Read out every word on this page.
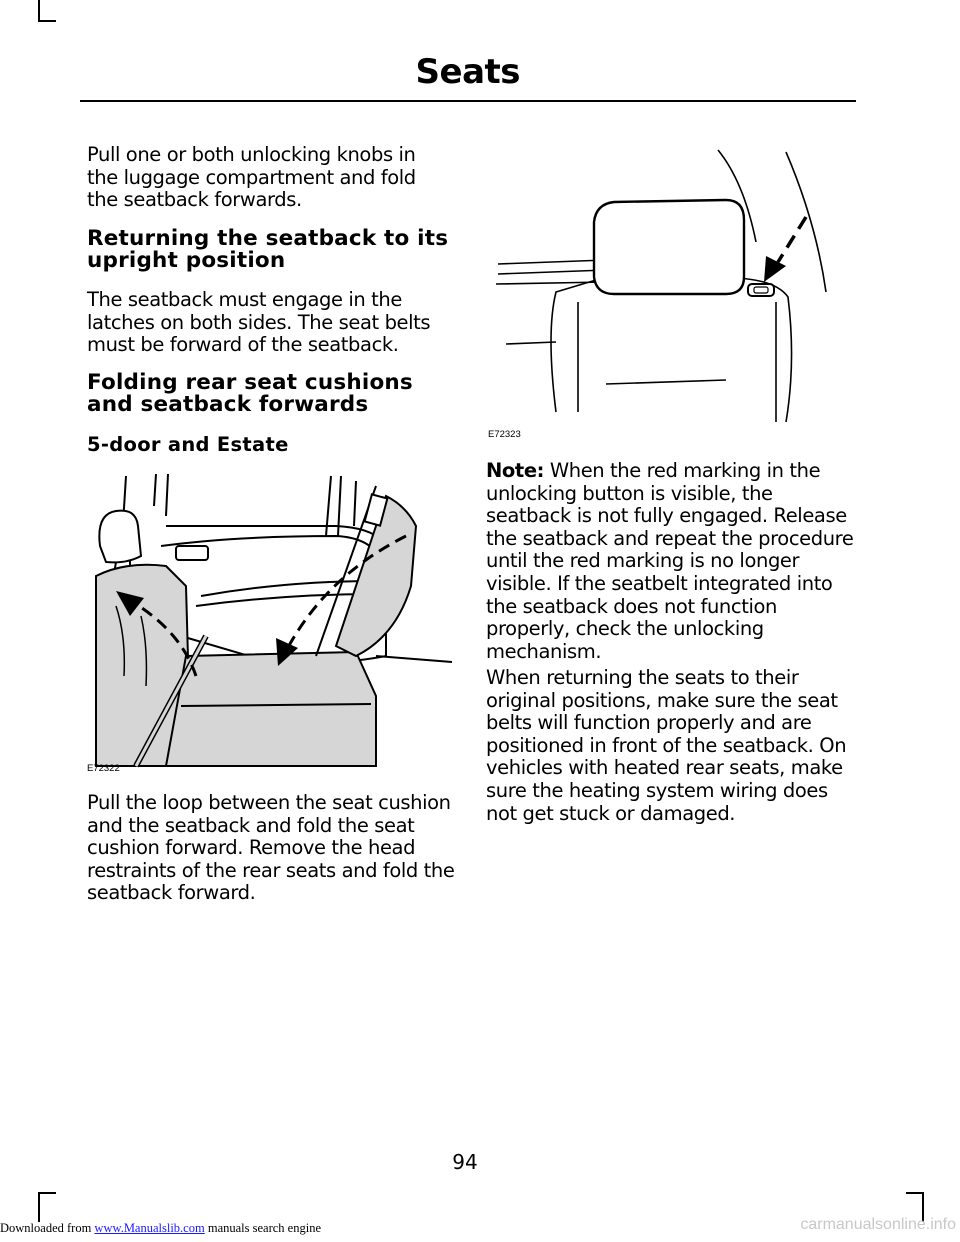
Seats
Pull one or both unlocking knobs in the luggage compartment and fold the seatback forwards.
Returning the seatback to its upright position
The seatback must engage in the latches on both sides. The seat belts must be forward of the seatback.
Folding rear seat cushions and seatback forwards
5-door and Estate
E72322
Pull the loop between the seat cushion and the seatback and fold the seat cushion forward. Remove the head restraints of the rear seats and fold the seatback forward.
E72323
Note: When the red marking in the unlocking button is visible, the seatback is not fully engaged. Release the seatback and repeat the procedure until the red marking is no longer visible. If the seatbelt integrated into the seatback does not function properly, check the unlocking mechanism.
When returning the seats to their original positions, make sure the seat belts will function properly and are positioned in front of the seatback. On vehicles with heated rear seats, make sure the heating system wiring does not get stuck or damaged.
94
Downloaded from www.Manualslib.com manuals search engine	carmanualsonline.info
